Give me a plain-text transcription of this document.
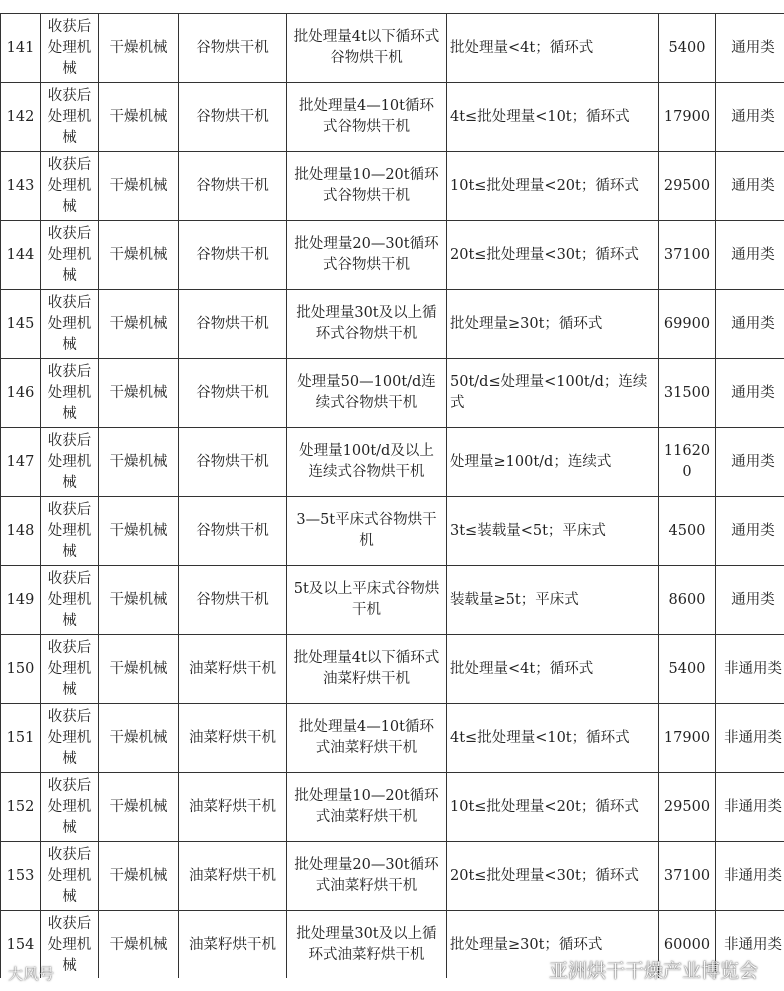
141	收获后处理机械	干燥机械	谷物烘干机	批处理量4t以下循环式谷物烘干机	批处理量<4t；循环式	5400	通用类
142	收获后处理机械	干燥机械	谷物烘干机	批处理量4—10t循环式谷物烘干机	4t≤批处理量<10t；循环式	17900	通用类
143	收获后处理机械	干燥机械	谷物烘干机	批处理量10—20t循环式谷物烘干机	10t≤批处理量<20t；循环式	29500	通用类
144	收获后处理机械	干燥机械	谷物烘干机	批处理量20—30t循环式谷物烘干机	20t≤批处理量<30t；循环式	37100	通用类
145	收获后处理机械	干燥机械	谷物烘干机	批处理量30t及以上循环式谷物烘干机	批处理量≥30t；循环式	69900	通用类
146	收获后处理机械	干燥机械	谷物烘干机	处理量50—100t/d连续式谷物烘干机	50t/d≤处理量<100t/d；连续式	31500	通用类
147	收获后处理机械	干燥机械	谷物烘干机	处理量100t/d及以上连续式谷物烘干机	处理量≥100t/d；连续式	116200	通用类
148	收获后处理机械	干燥机械	谷物烘干机	3—5t平床式谷物烘干机	3t≤装载量<5t；平床式	4500	通用类
149	收获后处理机械	干燥机械	谷物烘干机	5t及以上平床式谷物烘干机	装载量≥5t；平床式	8600	通用类
150	收获后处理机械	干燥机械	油菜籽烘干机	批处理量4t以下循环式油菜籽烘干机	批处理量<4t；循环式	5400	非通用类
151	收获后处理机械	干燥机械	油菜籽烘干机	批处理量4—10t循环式油菜籽烘干机	4t≤批处理量<10t；循环式	17900	非通用类
152	收获后处理机械	干燥机械	油菜籽烘干机	批处理量10—20t循环式油菜籽烘干机	10t≤批处理量<20t；循环式	29500	非通用类
153	收获后处理机械	干燥机械	油菜籽烘干机	批处理量20—30t循环式油菜籽烘干机	20t≤批处理量<30t；循环式	37100	非通用类
154	收获后处理机械	干燥机械	油菜籽烘干机	批处理量30t及以上循环式油菜籽烘干机	批处理量≥30t；循环式	60000	非通用类
大风号	亚洲烘干干燥产业博览会
